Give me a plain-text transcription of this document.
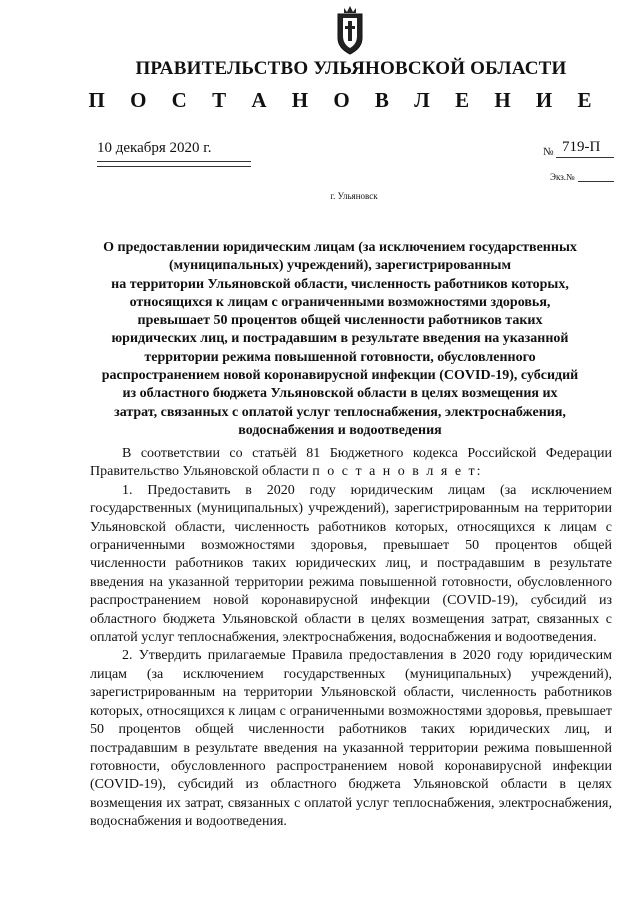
ПРАВИТЕЛЬСТВО УЛЬЯНОВСКОЙ ОБЛАСТИ
П О С Т А Н О В Л Е Н И Е
10 декабря 2020 г.	№ 719-П
Экз.№
г. Ульяновск
О предоставлении юридическим лицам (за исключением государственных
(муниципальных) учреждений), зарегистрированным
на территории Ульяновской области, численность работников которых,
относящихся к лицам с ограниченными возможностями здоровья,
превышает 50 процентов общей численности работников таких
юридических лиц, и пострадавшим в результате введения на указанной
территории режима повышенной готовности, обусловленного
распространением новой коронавирусной инфекции (COVID-19), субсидий
из областного бюджета Ульяновской области в целях возмещения их
затрат, связанных с оплатой услуг теплоснабжения, электроснабжения,
водоснабжения и водоотведения

В соответствии со статьёй 81 Бюджетного кодекса Российской Федерации Правительство Ульяновской области п о с т а н о в л я е т:

1. Предоставить в 2020 году юридическим лицам (за исключением государственных (муниципальных) учреждений), зарегистрированным на территории Ульяновской области, численность работников которых, относящихся к лицам с ограниченными возможностями здоровья, превышает 50 процентов общей численности работников таких юридических лиц, и пострадавшим в результате введения на указанной территории режима повышенной готовности, обусловленного распространением новой коронавирусной инфекции (COVID-19), субсидий из областного бюджета Ульяновской области в целях возмещения затрат, связанных с оплатой услуг теплоснабжения, электроснабжения, водоснабжения и водоотведения.

2. Утвердить прилагаемые Правила предоставления в 2020 году юридическим лицам (за исключением государственных (муниципальных) учреждений), зарегистрированным на территории Ульяновской области, численность работников которых, относящихся к лицам с ограниченными возможностями здоровья, превышает 50 процентов общей численности работников таких юридических лиц, и пострадавшим в результате введения на указанной территории режима повышенной готовности, обусловленного распространением новой коронавирусной инфекции (COVID-19), субсидий из областного бюджета Ульяновской области в целях возмещения их затрат, связанных с оплатой услуг теплоснабжения, электроснабжения, водоснабжения и водоотведения.
